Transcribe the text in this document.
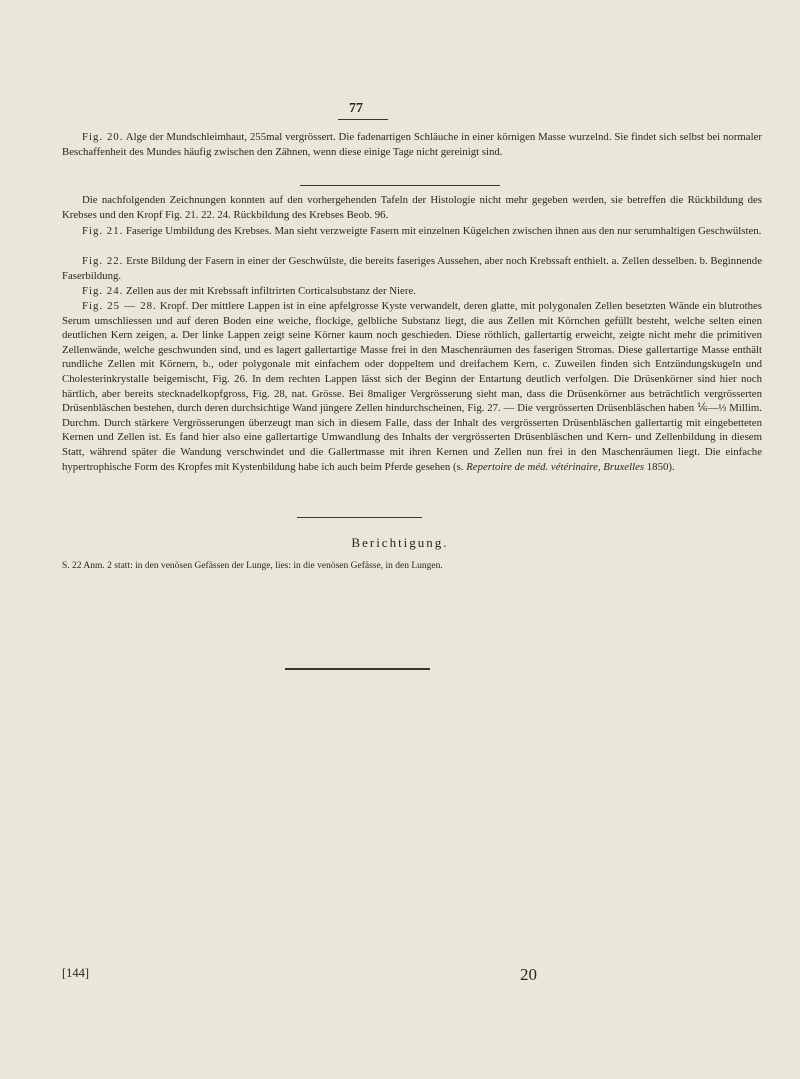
77

Fig. 20. Alge der Mundschleimhaut, 255mal vergrössert. Die fadenartigen Schläuche in einer körnigen Masse wurzelnd. Sie findet sich selbst bei normaler Beschaffenheit des Mundes häufig zwischen den Zähnen, wenn diese einige Tage nicht gereinigt sind.

Die nachfolgenden Zeichnungen konnten auf den vorhergehenden Tafeln der Histologie nicht mehr gegeben werden, sie betreffen die Rückbildung des Krebses und den Kropf Fig. 21. 22. 24. Rückbildung des Krebses Beob. 96.

Fig. 21. Faserige Umbildung des Krebses. Man sieht verzweigte Fasern mit einzelnen Kügelchen zwischen ihnen aus den nur serumhaltigen Geschwülsten.

Fig. 22. Erste Bildung der Fasern in einer der Geschwülste, die bereits faseriges Aussehen, aber noch Krebssaft enthielt. a. Zellen desselben. b. Beginnende Faserbildung.

Fig. 24. Zellen aus der mit Krebssaft infiltrirten Corticalsubstanz der Niere.

Fig. 25 — 28. Kropf. Der mittlere Lappen ist in eine apfelgrosse Kyste verwandelt, deren glatte, mit polygonalen Zellen besetzten Wände ein blutrothes Serum umschliessen und auf deren Boden eine weiche, flockige, gelbliche Substanz liegt, die aus Zellen mit Körnchen gefüllt besteht, welche selten einen deutlichen Kern zeigen, a. Der linke Lappen zeigt seine Körner kaum noch geschieden. Diese röthlich, gallertartig erweicht, zeigte nicht mehr die primitiven Zellenwände, welche geschwunden sind, und es lagert gallertartige Masse frei in den Maschenräumen des faserigen Stromas. Diese gallertartige Masse enthält rundliche Zellen mit Körnern, b., oder polygonale mit einfachem oder doppeltem und dreifachem Kern, c. Zuweilen finden sich Entzündungskugeln und Cholesterinkrystalle beigemischt, Fig. 26. In dem rechten Lappen lässt sich der Beginn der Entartung deutlich verfolgen. Die Drüsenkörner sind hier noch härtlich, aber bereits stecknadelkopfgross, Fig. 28, nat. Grösse. Bei 8maliger Vergrösserung sieht man, dass die Drüsenkörner aus beträchtlich vergrösserten Drüsenbläschen bestehen, durch deren durchsichtige Wand jüngere Zellen hindurchscheinen, Fig. 27. — Die vergrösserten Drüsenbläschen haben ⅙—⅓ Millim. Durchm. Durch stärkere Vergrösserungen überzeugt man sich in diesem Falle, dass der Inhalt des vergrösserten Drüsenbläschen gallertartig mit eingebetteten Kernen und Zellen ist. Es fand hier also eine gallertartige Umwandlung des Inhalts der vergrösserten Drüsenbläschen und Kern- und Zellenbildung in diesem Statt, während später die Wandung verschwindet und die Gallertmasse mit ihren Kernen und Zellen nun frei in den Maschenräumen liegt. Die einfache hypertrophische Form des Kropfes mit Kystenbildung habe ich auch beim Pferde gesehen (s. Repertoire de méd. vétérinaire, Bruxelles 1850).

Berichtigung.
S. 22 Anm. 2 statt: in den venösen Gefässen der Lunge, lies: in die venösen Gefässe, in den Lungen.
[144]	20
